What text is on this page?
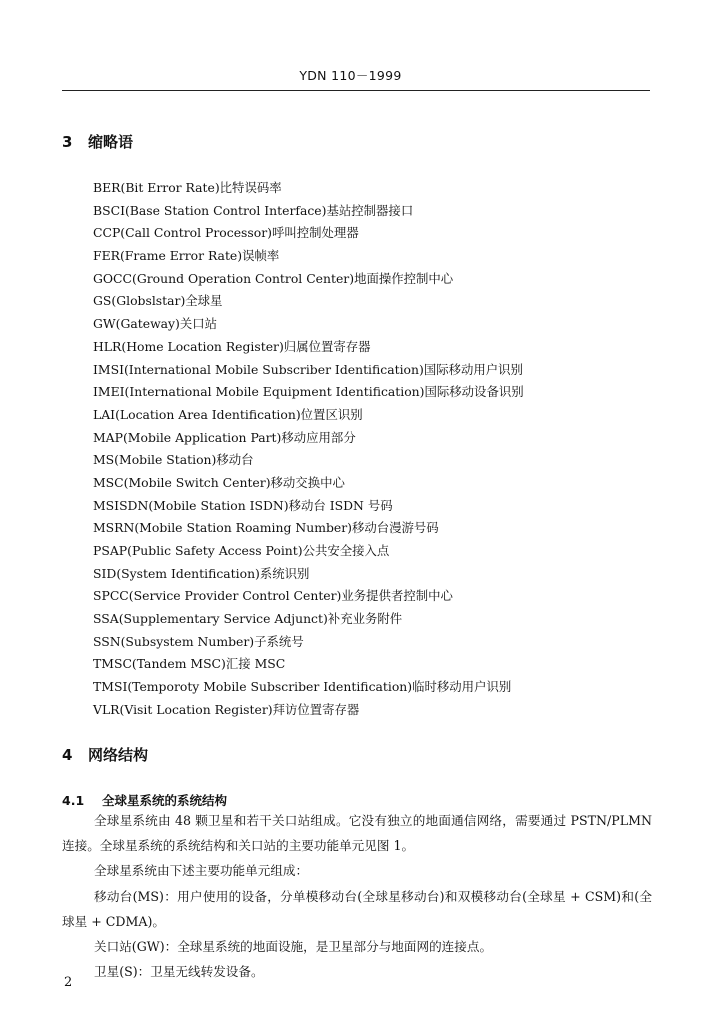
YDN 110－1999
3 缩略语
BER(Bit Error Rate)比特误码率
BSCI(Base Station Control Interface)基站控制器接口
CCP(Call Control Processor)呼叫控制处理器
FER(Frame Error Rate)误帧率
GOCC(Ground Operation Control Center)地面操作控制中心
GS(Globslstar)全球星
GW(Gateway)关口站
HLR(Home Location Register)归属位置寄存器
IMSI(International Mobile Subscriber Identification)国际移动用户识别
IMEI(International Mobile Equipment Identification)国际移动设备识别
LAI(Location Area Identification)位置区识别
MAP(Mobile Application Part)移动应用部分
MS(Mobile Station)移动台
MSC(Mobile Switch Center)移动交换中心
MSISDN(Mobile Station ISDN)移动台 ISDN 号码
MSRN(Mobile Station Roaming Number)移动台漫游号码
PSAP(Public Safety Access Point)公共安全接入点
SID(System Identification)系统识别
SPCC(Service Provider Control Center)业务提供者控制中心
SSA(Supplementary Service Adjunct)补充业务附件
SSN(Subsystem Number)子系统号
TMSC(Tandem MSC)汇接 MSC
TMSI(Temporoty Mobile Subscriber Identification)临时移动用户识别
VLR(Visit Location Register)拜访位置寄存器
4 网络结构
4.1 全球星系统的系统结构

全球星系统由 48 颗卫星和若干关口站组成。它没有独立的地面通信网络，需要通过 PSTN/PLMN 连接。全球星系统的系统结构和关口站的主要功能单元见图 1。

全球星系统由下述主要功能单元组成：

移动台(MS)：用户使用的设备，分单模移动台(全球星移动台)和双模移动台(全球星 + CSM)和(全球星 + CDMA)。

关口站(GW)：全球星系统的地面设施，是卫星部分与地面网的连接点。

卫星(S)：卫星无线转发设备。

2
